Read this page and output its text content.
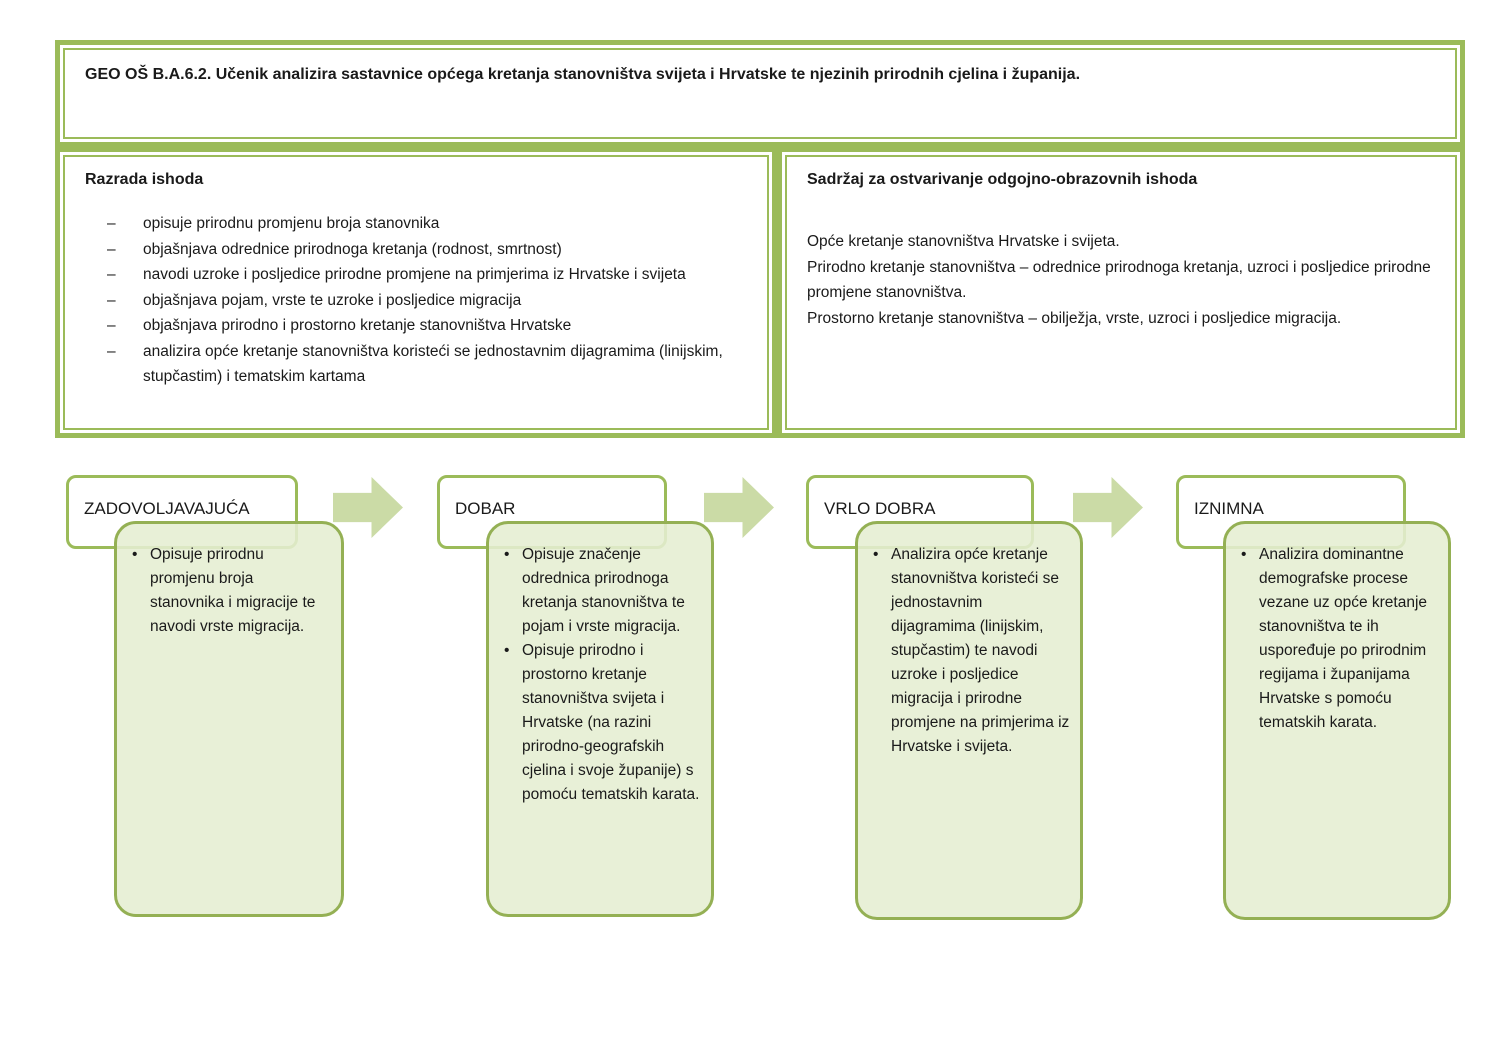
GEO OŠ B.A.6.2. Učenik analizira sastavnice općega kretanja stanovništva svijeta i Hrvatske te njezinih prirodnih cjelina i županija.

Razrada ishoda

–	opisuje prirodnu promjenu broja stanovnika
–	objašnjava odrednice prirodnoga kretanja (rodnost, smrtnost)
–	navodi uzroke i posljedice prirodne promjene na primjerima iz Hrvatske i svijeta
–	objašnjava pojam, vrste te uzroke i posljedice migracija
–	objašnjava prirodno i prostorno kretanje stanovništva Hrvatske
–	analizira opće kretanje stanovništva koristeći se jednostavnim dijagramima (linijskim, stupčastim) i tematskim kartama

Sadržaj za ostvarivanje odgojno-obrazovnih ishoda

Opće kretanje stanovništva Hrvatske i svijeta.

Prirodno kretanje stanovništva – odrednice prirodnoga kretanja, uzroci i posljedice prirodne promjene stanovništva.

Prostorno kretanje stanovništva – obilježja, vrste, uzroci i posljedice migracija.

ZADOVOLJAVAJUĆA	DOBAR	VRLO DOBRA	IZNIMNA
• Opisuje prirodnu promjenu broja stanovnika i migracije te navodi vrste migracija.
• Opisuje značenje odrednica prirodnoga kretanja stanovništva te pojam i vrste migracija.
• Opisuje prirodno i prostorno kretanje stanovništva svijeta i Hrvatske (na razini prirodno-geografskih cjelina i svoje županije) s pomoću tematskih karata.
• Analizira opće kretanje stanovništva koristeći se jednostavnim dijagramima (linijskim, stupčastim) te navodi uzroke i posljedice migracija i prirodne promjene na primjerima iz Hrvatske i svijeta.
• Analizira dominantne demografske procese vezane uz opće kretanje stanovništva te ih uspoređuje po prirodnim regijama i županijama Hrvatske s pomoću tematskih karata.
